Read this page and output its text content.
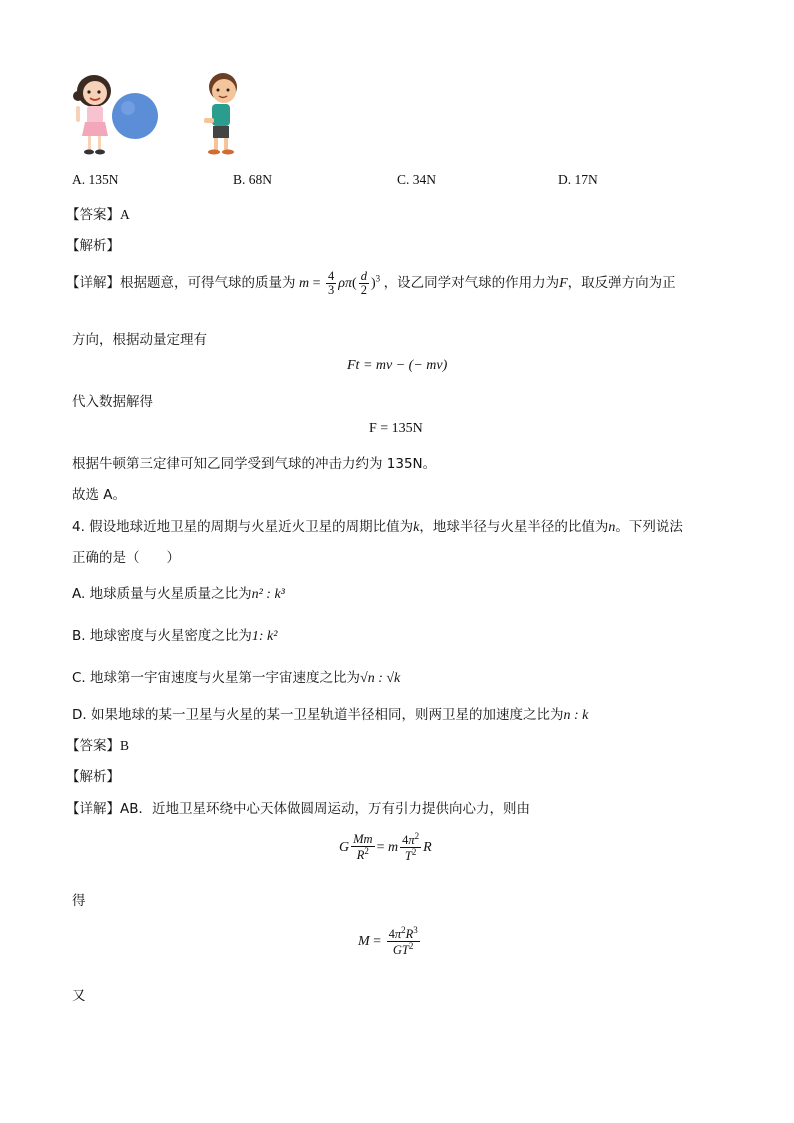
A. 135N	B. 68N	C. 34N	D. 17N
【答案】A
【解析】
【详解】根据题意，可得气球的质量为 $m = \frac{4}{3} \rho\pi( \frac{d}{2} )^3$ ，设乙同学对气球的作用力为F，取反弹方向为正
方向，根据动量定理有
Ft = mv − (− mv)
代入数据解得
F = 135N
根据牛顿第三定律可知乙同学受到气球的冲击力约为 135N。
故选 A。
4. 假设地球近地卫星的周期与火星近火卫星的周期比值为k，地球半径与火星半径的比值为n。下列说法
正确的是（　　）
A. 地球质量与火星质量之比为n² : k³
B. 地球密度与火星密度之比为1: k²
C. 地球第一宇宙速度与火星第一宇宙速度之比为√n : √k
D. 如果地球的某一卫星与火星的某一卫星轨道半径相同，则两卫星的加速度之比为n : k
【答案】B
【解析】
【详解】AB．近地卫星环绕中心天体做圆周运动，万有引力提供向心力，则由
G $\frac{Mm}{R^2} = m \frac{4\pi^2}{T^2}$ R
得
$M = \frac{4\pi^2R^3}{GT^2}$
又
